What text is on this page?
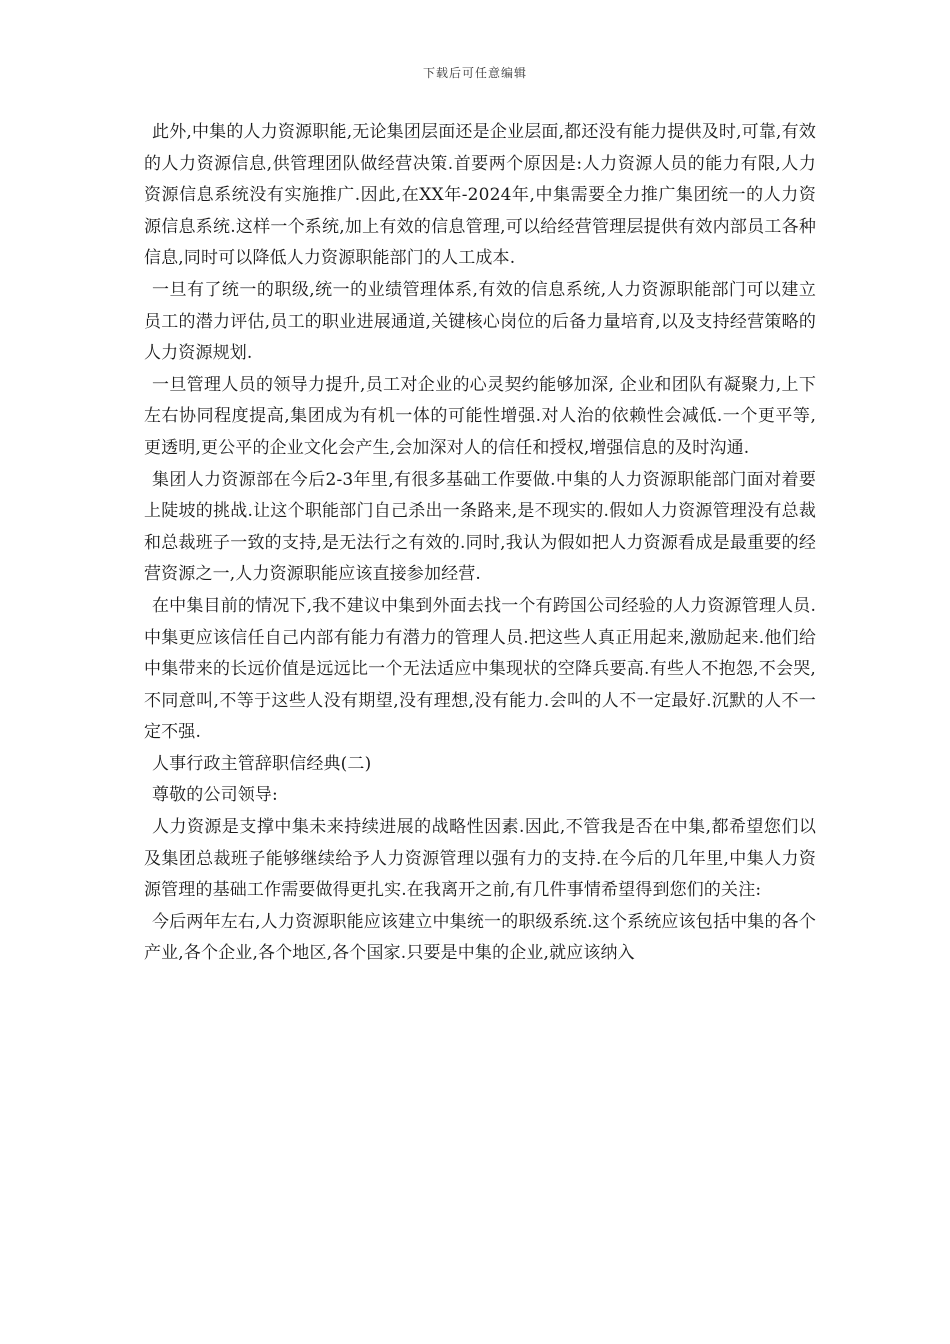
下载后可任意编辑

此外,中集的人力资源职能,无论集团层面还是企业层面,都还没有能力提供及时,可靠,有效的人力资源信息,供管理团队做经营决策.首要两个原因是:人力资源人员的能力有限,人力资源信息系统没有实施推广.因此,在XX年-2024年,中集需要全力推广集团统一的人力资源信息系统.这样一个系统,加上有效的信息管理,可以给经营管理层提供有效内部员工各种信息,同时可以降低人力资源职能部门的人工成本.

一旦有了统一的职级,统一的业绩管理体系,有效的信息系统,人力资源职能部门可以建立员工的潜力评估,员工的职业进展通道,关键核心岗位的后备力量培育,以及支持经营策略的人力资源规划.

一旦管理人员的领导力提升,员工对企业的心灵契约能够加深, 企业和团队有凝聚力,上下左右协同程度提高,集团成为有机一体的可能性增强.对人治的依赖性会减低.一个更平等,更透明,更公平的企业文化会产生,会加深对人的信任和授权,增强信息的及时沟通.

集团人力资源部在今后2-3年里,有很多基础工作要做.中集的人力资源职能部门面对着要上陡坡的挑战.让这个职能部门自己杀出一条路来,是不现实的.假如人力资源管理没有总裁和总裁班子一致的支持,是无法行之有效的.同时,我认为假如把人力资源看成是最重要的经营资源之一,人力资源职能应该直接参加经营.

在中集目前的情况下,我不建议中集到外面去找一个有跨国公司经验的人力资源管理人员.中集更应该信任自己内部有能力有潜力的管理人员.把这些人真正用起来,激励起来.他们给中集带来的长远价值是远远比一个无法适应中集现状的空降兵要高.有些人不抱怨,不会哭,不同意叫,不等于这些人没有期望,没有理想,没有能力.会叫的人不一定最好.沉默的人不一定不强.

人事行政主管辞职信经典(二)

尊敬的公司领导:

人力资源是支撑中集未来持续进展的战略性因素.因此,不管我是否在中集,都希望您们以及集团总裁班子能够继续给予人力资源管理以强有力的支持.在今后的几年里,中集人力资源管理的基础工作需要做得更扎实.在我离开之前,有几件事情希望得到您们的关注:

今后两年左右,人力资源职能应该建立中集统一的职级系统.这个系统应该包括中集的各个产业,各个企业,各个地区,各个国家.只要是中集的企业,就应该纳入
